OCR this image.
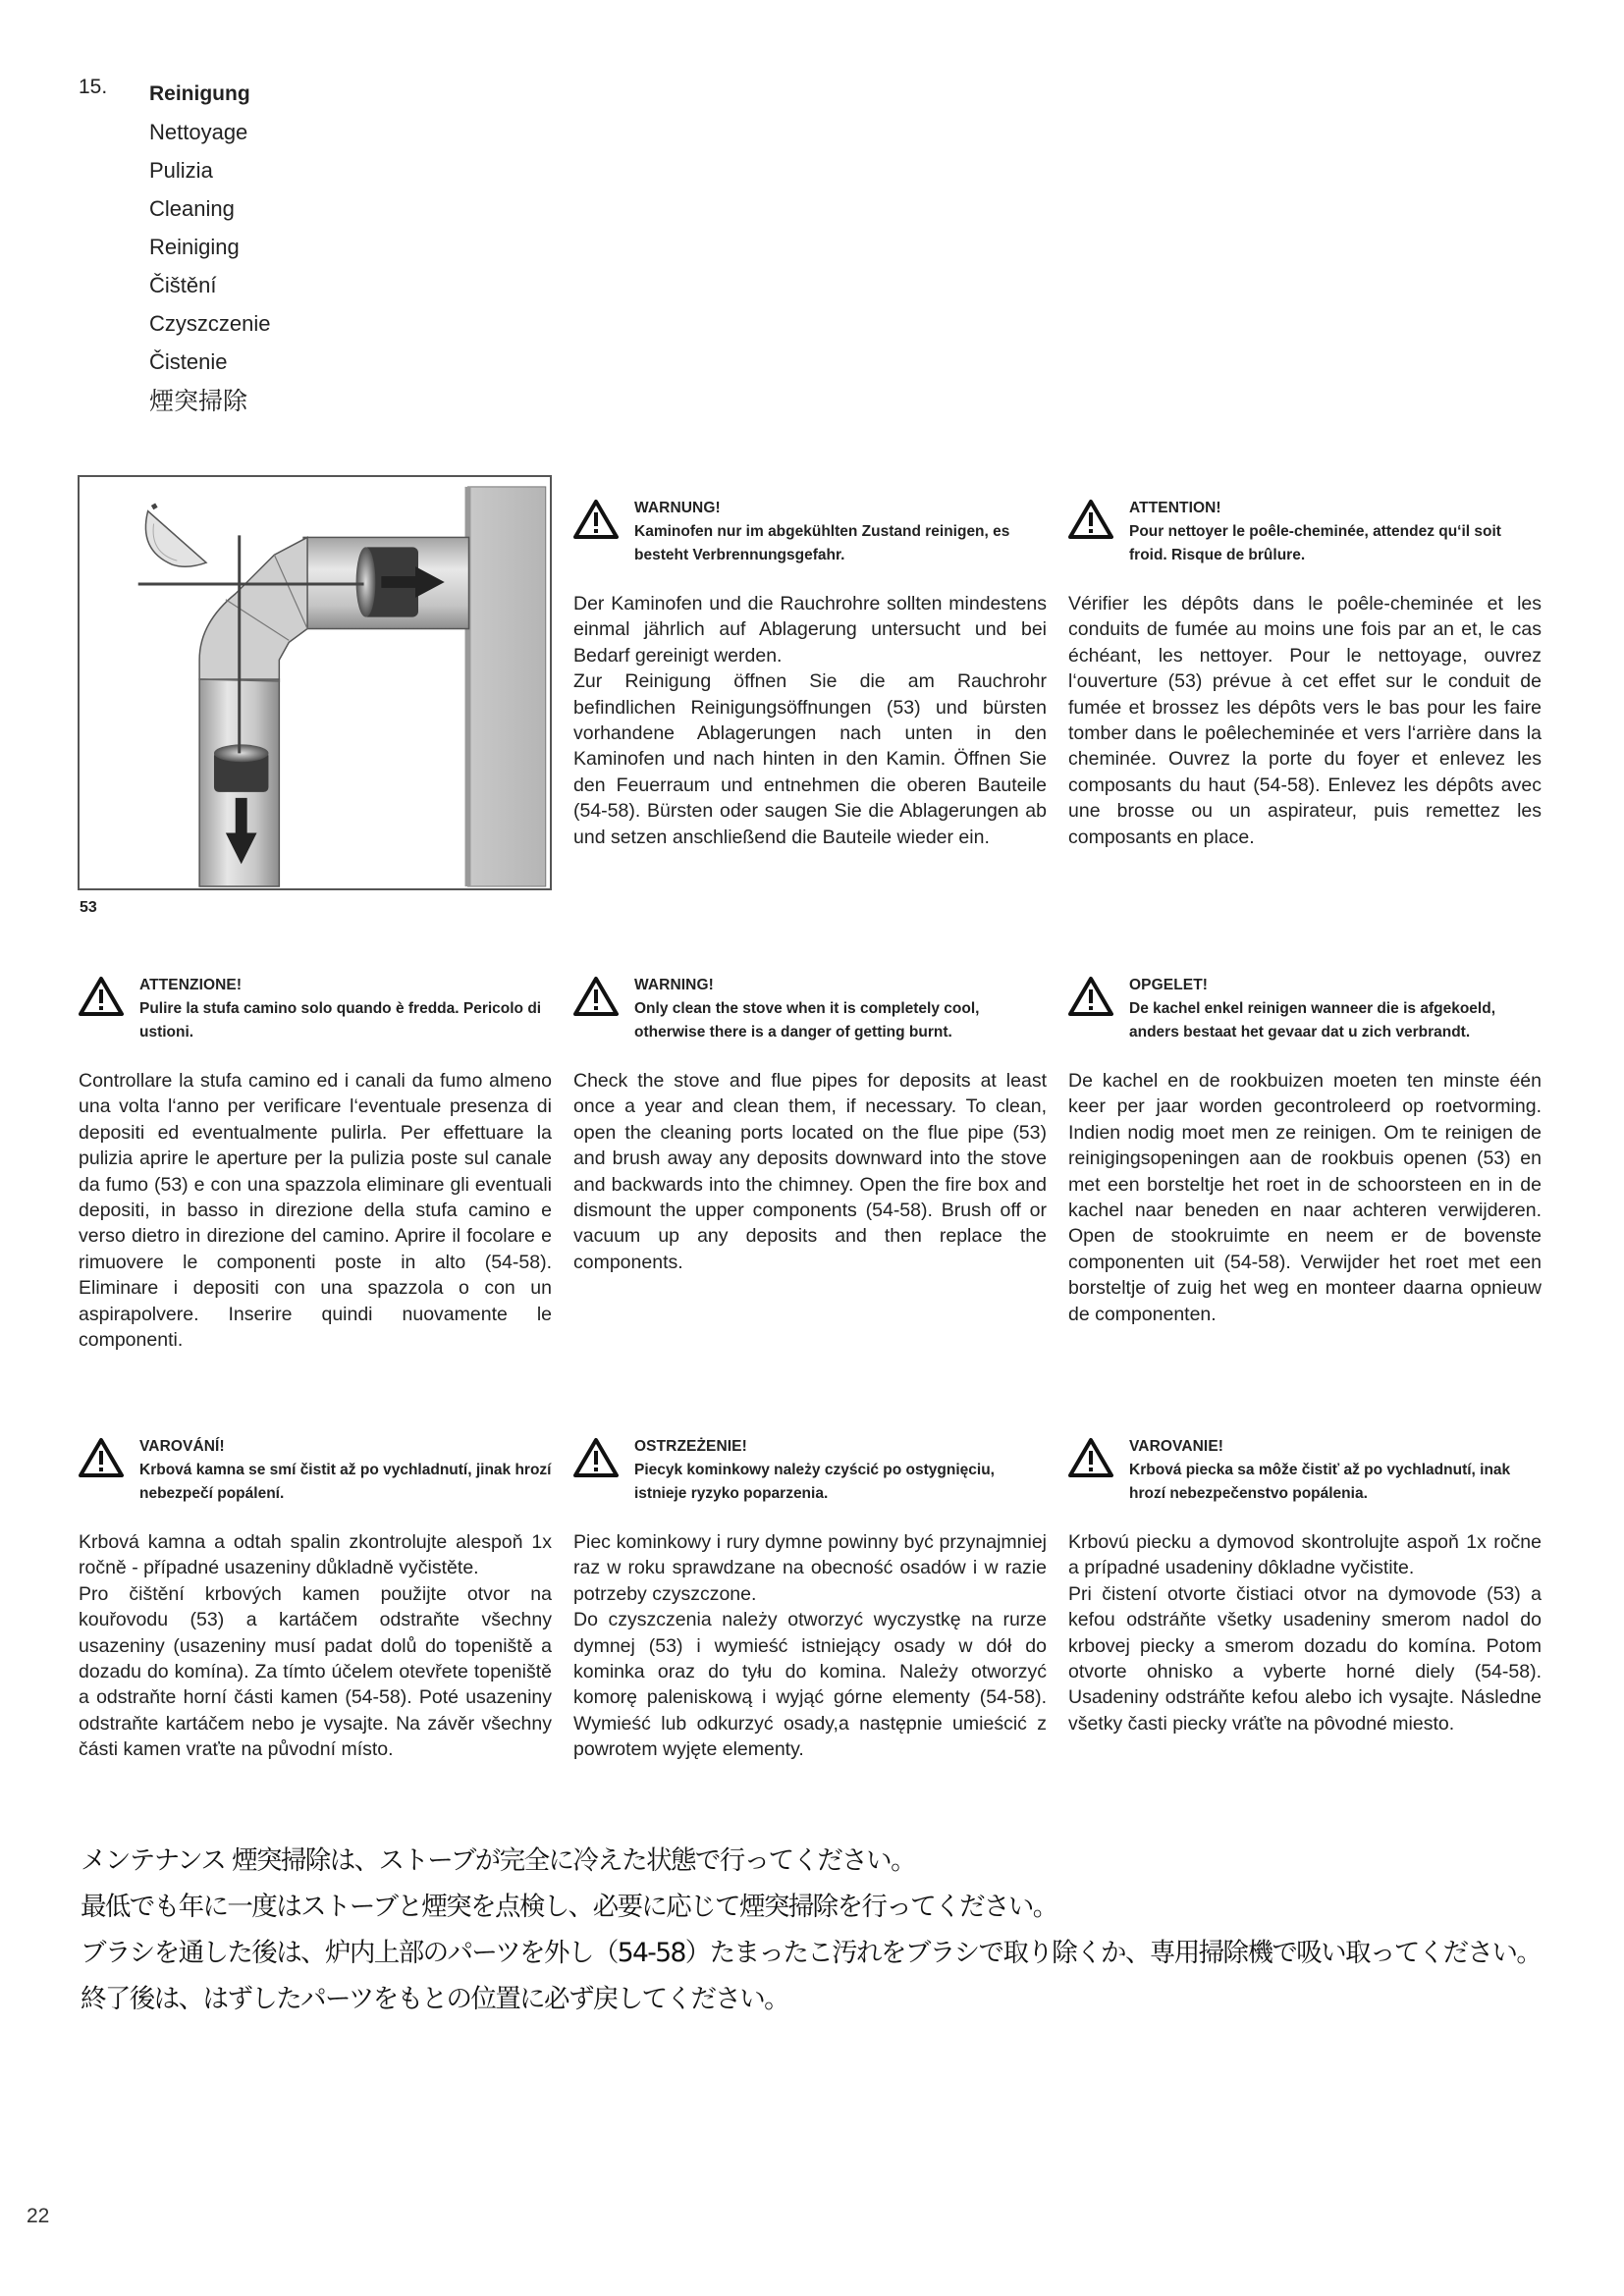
15. Reinigung
Nettoyage
Pulizia
Cleaning
Reiniging
Čištění
Czyszczenie
Čistenie
煙突掃除
53
WARNUNG!
Kaminofen nur im abgekühlten Zustand reinigen, es besteht Verbrennungsgefahr.
Der Kaminofen und die Rauchrohre sollten mindestens einmal jährlich auf Ablagerung untersucht und bei Bedarf gereinigt werden.
Zur Reinigung öffnen Sie die am Rauchrohr befindlichen Reinigungsöffnungen (53) und bürsten vorhandene Ablagerungen nach unten in den Kaminofen und nach hinten in den Kamin. Öffnen Sie den Feuerraum und entnehmen die oberen Bauteile (54-58). Bürsten oder saugen Sie die Ablagerungen ab und setzen anschließend die Bauteile wieder ein.
ATTENTION!
Pour nettoyer le poêle-cheminée, attendez qu‘il soit froid. Risque de brûlure.
Vérifier les dépôts dans le poêle-cheminée et les conduits de fumée au moins une fois par an et, le cas échéant, les nettoyer. Pour le nettoyage, ouvrez l‘ouverture (53) prévue à cet effet sur le conduit de fumée et brossez les dépôts vers le bas pour les faire tomber dans le poêlecheminée et vers l‘arrière dans la cheminée. Ouvrez la porte du foyer et enlevez les composants du haut (54-58). Enlevez les dépôts avec une brosse ou un aspirateur, puis remettez les composants en place.
ATTENZIONE!
Pulire la stufa camino solo quando è fredda. Pericolo di ustioni.
Controllare la stufa camino ed i canali da fumo almeno una volta l‘anno per verificare l‘eventuale presenza di depositi ed eventualmente pulirla. Per effettuare la pulizia aprire le aperture per la pulizia poste sul canale da fumo (53) e con una spazzola eliminare gli eventuali depositi, in basso in direzione della stufa camino e verso dietro in direzione del camino. Aprire il focolare e rimuovere le componenti poste in alto (54-58). Eliminare i depositi con una spazzola o con un aspirapolvere. Inserire quindi nuovamente le componenti.
WARNING!
Only clean the stove when it is completely cool, otherwise there is a danger of getting burnt.
Check the stove and flue pipes for deposits at least once a year and clean them, if necessary. To clean, open the cleaning ports located on the flue pipe (53) and brush away any deposits downward into the stove and backwards into the chimney. Open the fire box and dismount the upper components (54-58). Brush off or vacuum up any deposits and then replace the components.
OPGELET!
De kachel enkel reinigen wanneer die is afgekoeld, anders bestaat het gevaar dat u zich verbrandt.
De kachel en de rookbuizen moeten ten minste één keer per jaar worden gecontroleerd op roetvorming. Indien nodig moet men ze reinigen. Om te reinigen de reinigingsopeningen aan de rookbuis openen (53) en met een borsteltje het roet in de schoorsteen en in de kachel naar beneden en naar achteren verwijderen. Open de stookruimte en neem er de bovenste componenten uit (54-58). Verwijder het roet met een borsteltje of zuig het weg en monteer daarna opnieuw de componenten.
VAROVÁNÍ!
Krbová kamna se smí čistit až po vychladnutí, jinak hrozí nebezpečí popálení.
Krbová kamna a odtah spalin zkontrolujte alespoň 1x ročně - případné usazeniny důkladně vyčistěte.
Pro čištění krbových kamen použijte otvor na kouřovodu (53) a kartáčem odstraňte všechny usazeniny (usazeniny musí padat dolů do topeniště a dozadu do komína). Za tímto účelem otevřete topeniště a odstraňte horní části kamen (54-58). Poté usazeniny odstraňte kartáčem nebo je vysajte. Na závěr všechny části kamen vraťte na původní místo.
OSTRZEŻENIE!
Piecyk kominkowy należy czyścić po ostygnięciu, istnieje ryzyko poparzenia.
Piec kominkowy i rury dymne powinny być przynajmniej raz w roku sprawdzane na obecność osadów i w razie potrzeby czyszczone.
Do czyszczenia należy otworzyć wyczystkę na rurze dymnej (53) i wymieść istniejący osady w dół do kominka oraz do tyłu do komina. Należy otworzyć komorę paleniskową i wyjąć górne elementy (54-58). Wymieść lub odkurzyć osady,a następnie umieścić z powrotem wyjęte elementy.
VAROVANIE!
Krbová piecka sa môže čistiť až po vychladnutí, inak hrozí nebezpečenstvo popálenia.
Krbovú piecku a dymovod skontrolujte aspoň 1x ročne a prípadné usadeniny dôkladne vyčistite.
Pri čistení otvorte čistiaci otvor na dymovode (53) a kefou odstráňte všetky usadeniny smerom nadol do krbovej piecky a smerom dozadu do komína. Potom otvorte ohnisko a vyberte horné diely (54-58). Usadeniny odstráňte kefou alebo ich vysajte. Následne všetky časti piecky vráťte na pôvodné miesto.
メンテナンス 煙突掃除は、ストーブが完全に冷えた状態で行ってください。
最低でも年に一度はストーブと煙突を点検し、必要に応じて煙突掃除を行ってください。
ブラシを通した後は、炉内上部のパーツを外し（54-58）たまったこ汚れをブラシで取り除くか、専用掃除機で吸い取ってください。
終了後は、はずしたパーツをもとの位置に必ず戻してください。
22
